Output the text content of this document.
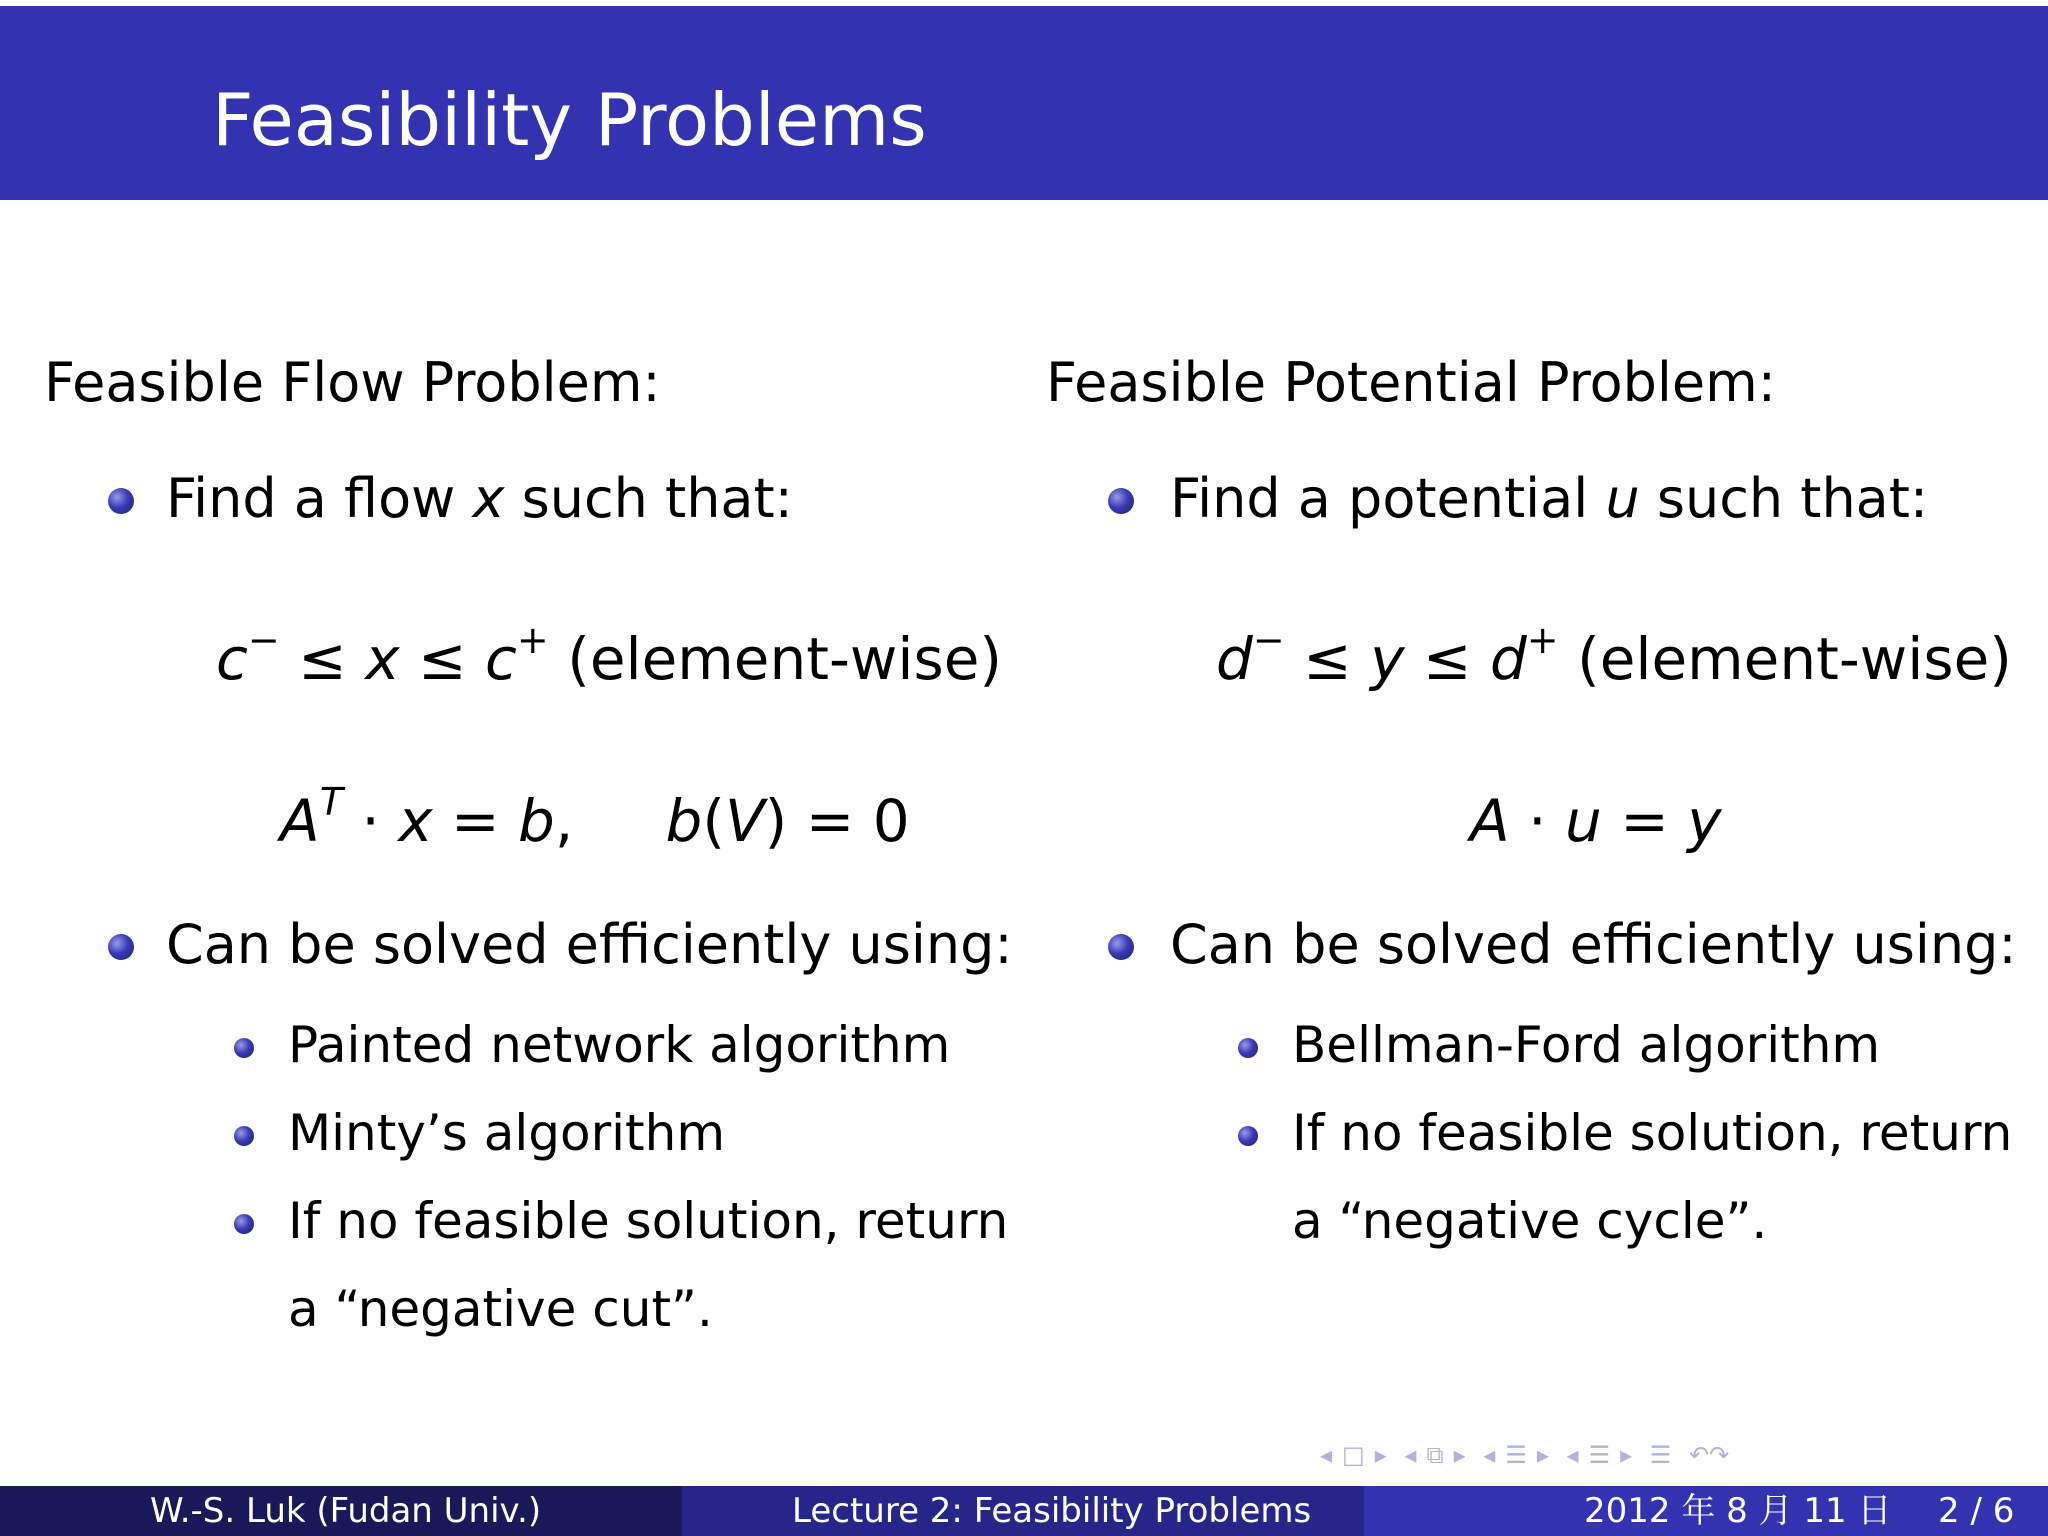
Feasibility Problems
Feasible Flow Problem:
Find a flow x such that:
c− ≤ x ≤ c+ (element-wise)
$A^T \cdot x = b$,     b(V) = 0
Can be solved efficiently using:
Painted network algorithm
Minty’s algorithm
If no feasible solution, return
a “negative cut”.
Feasible Potential Problem:
Find a potential u such that:
d− ≤ y ≤ d+ (element-wise)
A · u = y
Can be solved efficiently using:
Bellman-Ford algorithm
If no feasible solution, return
a “negative cycle”.
◂ □ ▸ ◂ ⧉ ▸ ◂ ☰ ▸ ◂ ☰ ▸ ☰ ↶↷
W.-S. Luk (Fudan Univ.)	Lecture 2: Feasibility Problems	2012 年 8 月 11 日 2 / 6
